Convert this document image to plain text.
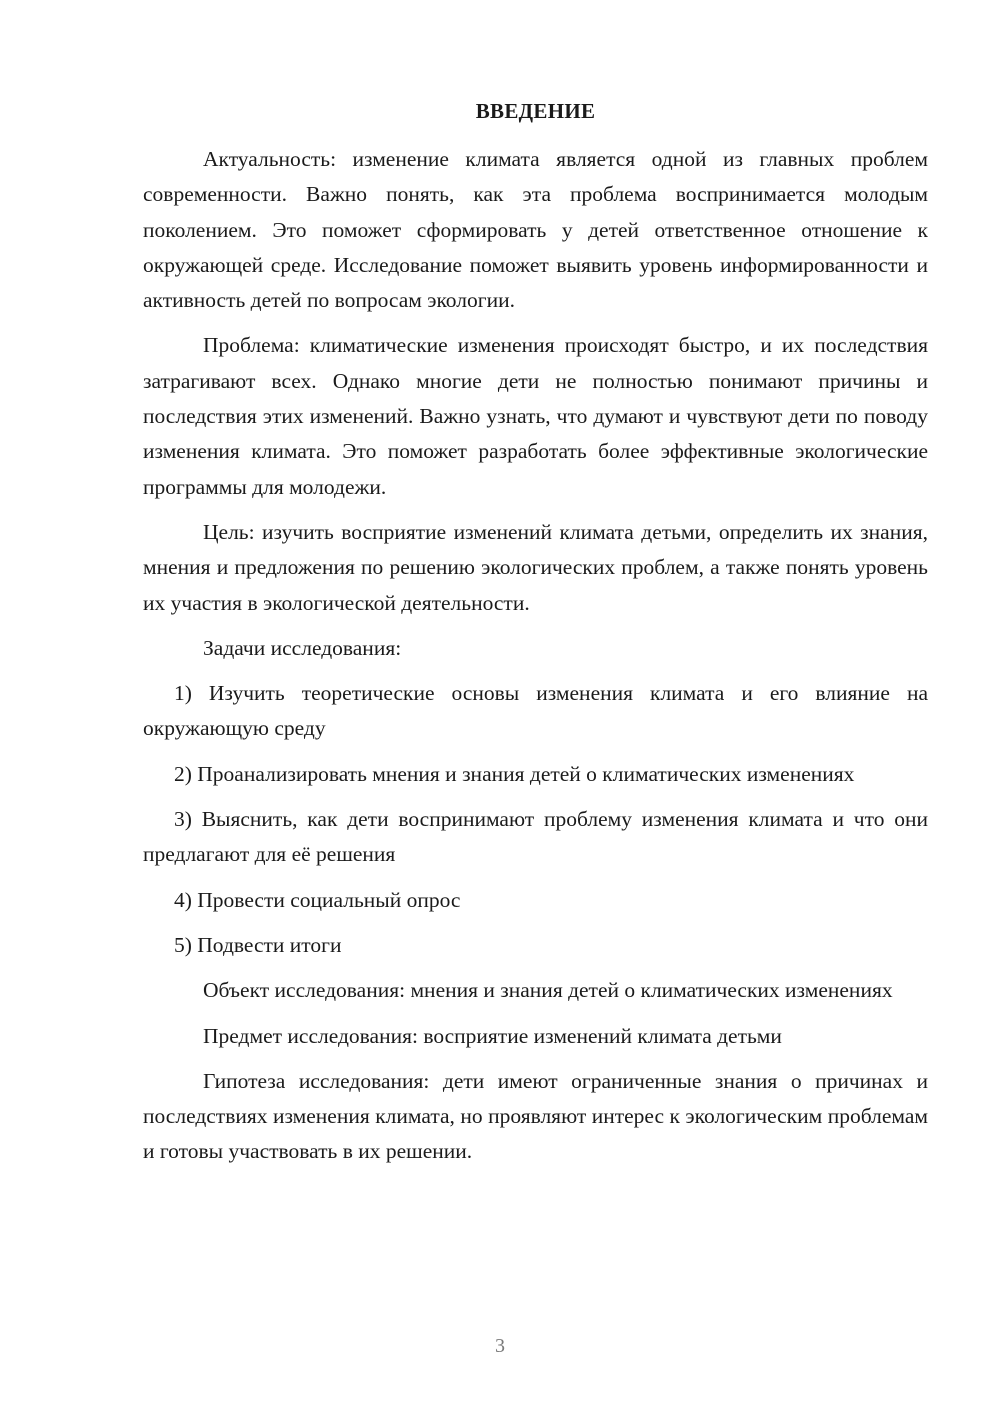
ВВЕДЕНИЕ

Актуальность: изменение климата является одной из главных проблем современности. Важно понять, как эта проблема воспринимается молодым поколением. Это поможет сформировать у детей ответственное отношение к окружающей среде. Исследование поможет выявить уровень информированности и активность детей по вопросам экологии.

Проблема: климатические изменения происходят быстро, и их последствия затрагивают всех. Однако многие дети не полностью понимают причины и последствия этих изменений. Важно узнать, что думают и чувствуют дети по поводу изменения климата. Это поможет разработать более эффективные экологические программы для молодежи.

Цель: изучить восприятие изменений климата детьми, определить их знания, мнения и предложения по решению экологических проблем, а также понять уровень их участия в экологической деятельности.

Задачи исследования:

1) Изучить теоретические основы изменения климата и его влияние на окружающую среду

2) Проанализировать мнения и знания детей о климатических изменениях

3) Выяснить, как дети воспринимают проблему изменения климата и что они предлагают для её решения

4) Провести социальный опрос

5) Подвести итоги

Объект исследования: мнения и знания детей о климатических изменениях

Предмет исследования: восприятие изменений климата детьми

Гипотеза исследования: дети имеют ограниченные знания о причинах и последствиях изменения климата, но проявляют интерес к экологическим проблемам и готовы участвовать в их решении.

3
